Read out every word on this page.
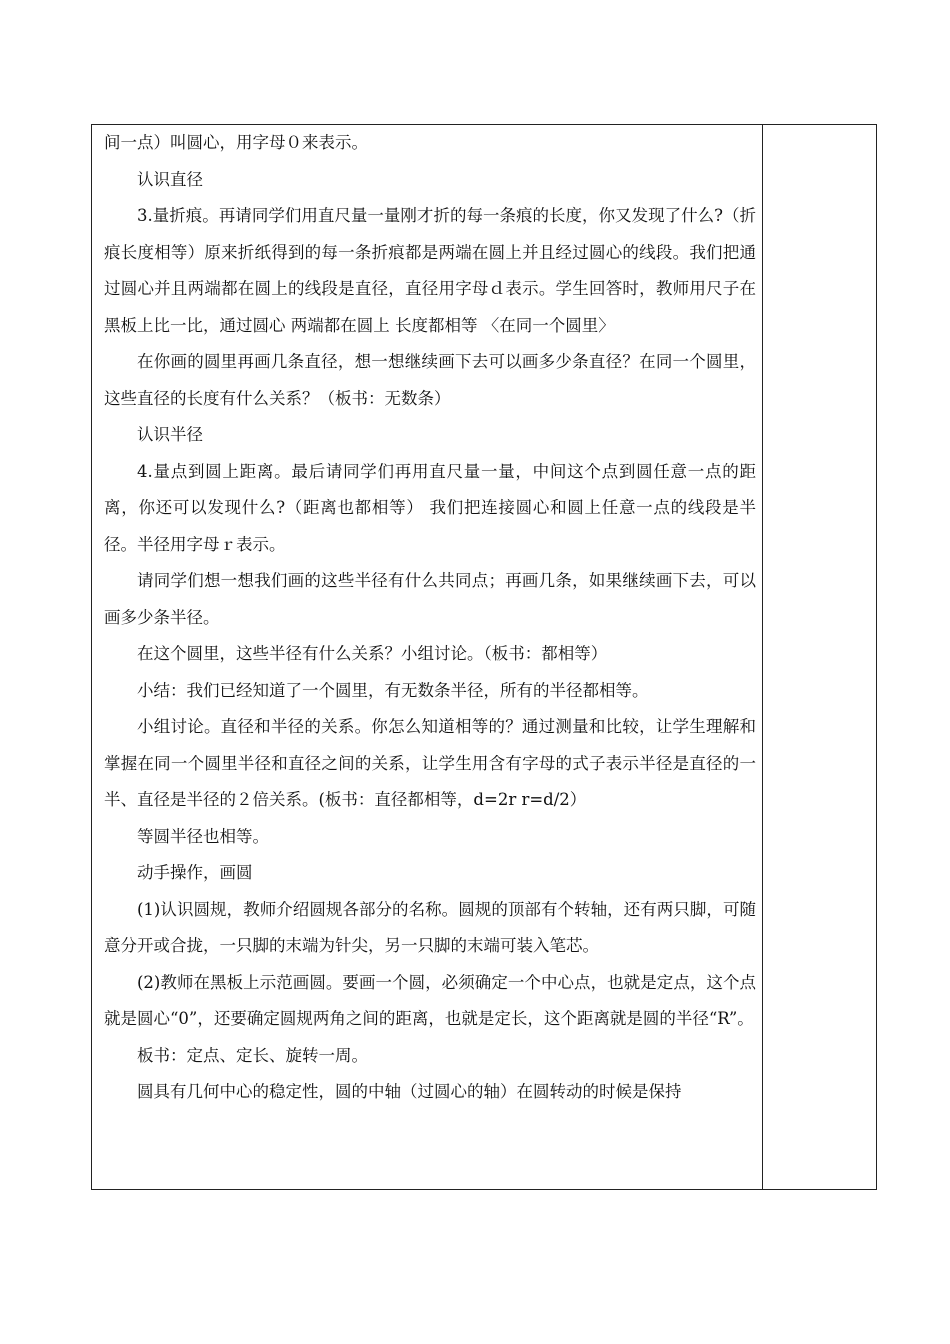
间一点）叫圆心，用字母０来表示。

认识直径

3.量折痕。再请同学们用直尺量一量刚才折的每一条痕的长度，你又发现了什么?（折痕长度相等）原来折纸得到的每一条折痕都是两端在圆上并且经过圆心的线段。我们把通过圆心并且两端都在圆上的线段是直径，直径用字母ｄ表示。学生回答时，教师用尺子在黑板上比一比，通过圆心 两端都在圆上 长度都相等 〈在同一个圆里〉

在你画的圆里再画几条直径，想一想继续画下去可以画多少条直径？在同一个圆里，这些直径的长度有什么关系？（板书：无数条）

认识半径

4.量点到圆上距离。最后请同学们再用直尺量一量，中间这个点到圆任意一点的距离，你还可以发现什么?（距离也都相等） 我们把连接圆心和圆上任意一点的线段是半径。半径用字母ｒ表示。

请同学们想一想我们画的这些半径有什么共同点；再画几条，如果继续画下去，可以画多少条半径。

在这个圆里，这些半径有什么关系？小组讨论。（板书：都相等）

小结：我们已经知道了一个圆里，有无数条半径，所有的半径都相等。

小组讨论。直径和半径的关系。你怎么知道相等的？通过测量和比较，让学生理解和掌握在同一个圆里半径和直径之间的关系，让学生用含有字母的式子表示半径是直径的一半、直径是半径的２倍关系。(板书：直径都相等，d=2r r=d/2）

等圆半径也相等。

动手操作，画圆

(1)认识圆规，教师介绍圆规各部分的名称。圆规的顶部有个转轴，还有两只脚，可随意分开或合拢，一只脚的末端为针尖，另一只脚的末端可装入笔芯。

(2)教师在黑板上示范画圆。要画一个圆，必须确定一个中心点，也就是定点，这个点就是圆心“0”，还要确定圆规两角之间的距离，也就是定长，这个距离就是圆的半径“R”。

板书：定点、定长、旋转一周。

圆具有几何中心的稳定性，圆的中轴（过圆心的轴）在圆转动的时候是保持
